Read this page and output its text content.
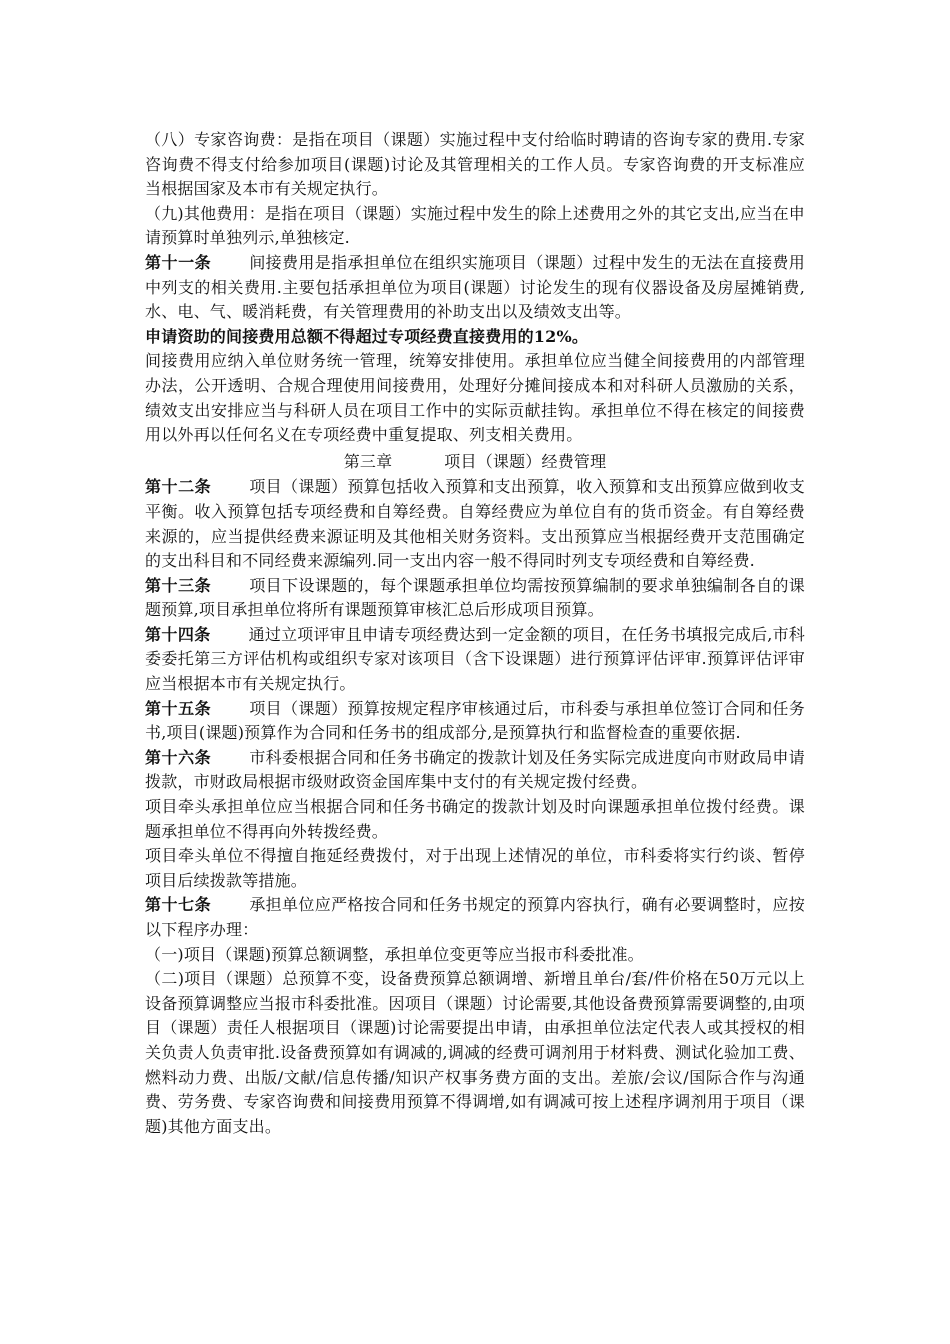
（八）专家咨询费：是指在项目（课题）实施过程中支付给临时聘请的咨询专家的费用.专家咨询费不得支付给参加项目(课题)讨论及其管理相关的工作人员。专家咨询费的开支标准应当根据国家及本市有关规定执行。

（九)其他费用：是指在项目（课题）实施过程中发生的除上述费用之外的其它支出,应当在申请预算时单独列示,单独核定.

第十一条 间接费用是指承担单位在组织实施项目（课题）过程中发生的无法在直接费用中列支的相关费用.主要包括承担单位为项目(课题）讨论发生的现有仪器设备及房屋摊销费,水、电、气、暖消耗费，有关管理费用的补助支出以及绩效支出等。

申请资助的间接费用总额不得超过专项经费直接费用的12%。

间接费用应纳入单位财务统一管理，统筹安排使用。承担单位应当健全间接费用的内部管理办法，公开透明、合规合理使用间接费用，处理好分摊间接成本和对科研人员激励的关系，绩效支出安排应当与科研人员在项目工作中的实际贡献挂钩。承担单位不得在核定的间接费用以外再以任何名义在专项经费中重复提取、列支相关费用。

第三章	项目（课题）经费管理

第十二条 项目（课题）预算包括收入预算和支出预算，收入预算和支出预算应做到收支平衡。收入预算包括专项经费和自筹经费。自筹经费应为单位自有的货币资金。有自筹经费来源的，应当提供经费来源证明及其他相关财务资料。支出预算应当根据经费开支范围确定的支出科目和不同经费来源编列.同一支出内容一般不得同时列支专项经费和自筹经费.

第十三条 项目下设课题的，每个课题承担单位均需按预算编制的要求单独编制各自的课题预算,项目承担单位将所有课题预算审核汇总后形成项目预算。

第十四条 通过立项评审且申请专项经费达到一定金额的项目，在任务书填报完成后,市科委委托第三方评估机构或组织专家对该项目（含下设课题）进行预算评估评审.预算评估评审应当根据本市有关规定执行。

第十五条 项目（课题）预算按规定程序审核通过后，市科委与承担单位签订合同和任务书,项目(课题)预算作为合同和任务书的组成部分,是预算执行和监督检查的重要依据.

第十六条 市科委根据合同和任务书确定的拨款计划及任务实际完成进度向市财政局申请拨款，市财政局根据市级财政资金国库集中支付的有关规定拨付经费。

项目牵头承担单位应当根据合同和任务书确定的拨款计划及时向课题承担单位拨付经费。课题承担单位不得再向外转拨经费。

项目牵头单位不得擅自拖延经费拨付，对于出现上述情况的单位，市科委将实行约谈、暂停项目后续拨款等措施。

第十七条 承担单位应严格按合同和任务书规定的预算内容执行，确有必要调整时，应按以下程序办理：

（一)项目（课题)预算总额调整，承担单位变更等应当报市科委批准。

（二)项目（课题）总预算不变，设备费预算总额调增、新增且单台/套/件价格在50万元以上设备预算调整应当报市科委批准。因项目（课题）讨论需要,其他设备费预算需要调整的,由项目（课题）责任人根据项目（课题)讨论需要提出申请，由承担单位法定代表人或其授权的相关负责人负责审批.设备费预算如有调减的,调减的经费可调剂用于材料费、测试化验加工费、燃料动力费、出版/文献/信息传播/知识产权事务费方面的支出。差旅/会议/国际合作与沟通费、劳务费、专家咨询费和间接费用预算不得调增,如有调减可按上述程序调剂用于项目（课题)其他方面支出。
